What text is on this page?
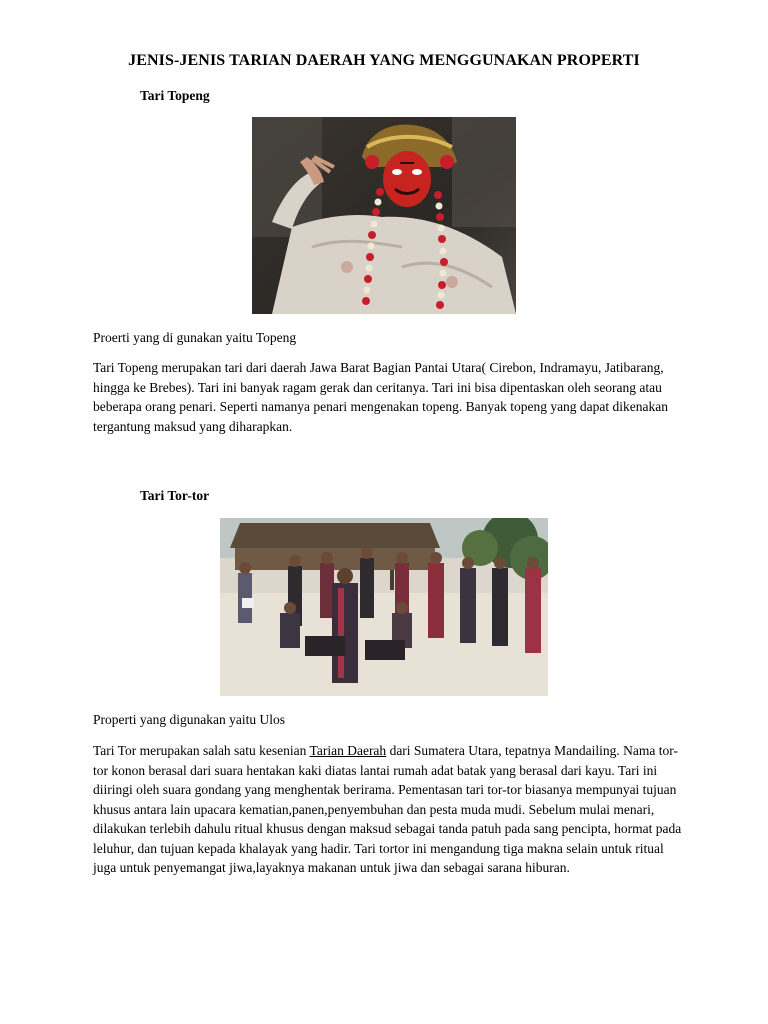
JENIS-JENIS TARIAN DAERAH YANG MENGGUNAKAN PROPERTI
Tari Topeng
Proerti yang di gunakan yaitu Topeng
Tari Topeng merupakan tari dari daerah Jawa Barat Bagian Pantai Utara( Cirebon, Indramayu, Jatibarang, hingga ke Brebes). Tari ini banyak ragam gerak dan ceritanya. Tari ini bisa dipentaskan oleh seorang atau beberapa orang penari. Seperti namanya penari mengenakan topeng. Banyak topeng yang dapat dikenakan tergantung maksud yang diharapkan.
Tari Tor-tor
Properti yang digunakan yaitu Ulos
Tari Tor merupakan salah satu kesenian Tarian Daerah dari Sumatera Utara, tepatnya Mandailing. Nama tor-tor konon berasal dari suara hentakan kaki diatas lantai rumah adat batak yang berasal dari kayu. Tari ini diiringi oleh suara gondang yang menghentak berirama. Pementasan tari tor-tor biasanya mempunyai tujuan khusus antara lain upacara kematian,panen,penyembuhan dan pesta muda mudi. Sebelum mulai menari, dilakukan terlebih dahulu ritual khusus dengan maksud sebagai tanda patuh pada sang pencipta, hormat pada leluhur, dan tujuan kepada khalayak yang hadir. Tari tortor ini mengandung tiga makna selain untuk ritual juga untuk penyemangat jiwa,layaknya makanan untuk jiwa dan sebagai sarana hiburan.
